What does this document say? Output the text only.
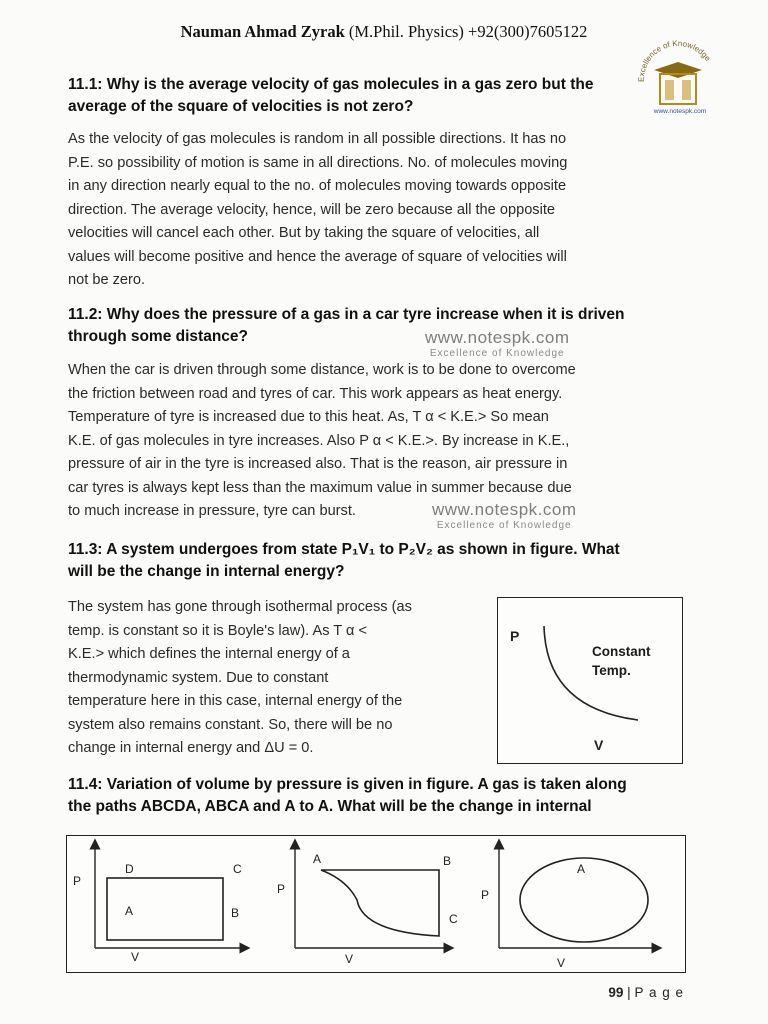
Nauman Ahmad Zyrak (M.Phil. Physics) +92(300)7605122
Excellence of Knowledge
www.notespk.com
11.1: Why is the average velocity of gas molecules in a gas zero but the
average of the square of velocities is not zero?
As the velocity of gas molecules is random in all possible directions. It has no
P.E. so possibility of motion is same in all directions. No. of molecules moving
in any direction nearly equal to the no. of molecules moving towards opposite
direction. The average velocity, hence, will be zero because all the opposite
velocities will cancel each other. But by taking the square of velocities, all
values will become positive and hence the average of square of velocities will
not be zero.
11.2: Why does the pressure of a gas in a car tyre increase when it is driven
through some distance?	www.notespk.com
Excellence of Knowledge
When the car is driven through some distance, work is to be done to overcome
the friction between road and tyres of car. This work appears as heat energy.
Temperature of tyre is increased due to this heat. As, T α < K.E.> So mean
K.E. of gas molecules in tyre increases. Also P α < K.E.>. By increase in K.E.,
pressure of air in the tyre is increased also. That is the reason, air pressure in
car tyres is always kept less than the maximum value in summer because due
to much increase in pressure, tyre can burst.	www.notespk.com
Excellence of Knowledge
11.3: A system undergoes from state P₁V₁ to P₂V₂ as shown in figure. What
will be the change in internal energy?
The system has gone through isothermal process (as
temp. is constant so it is Boyle's law). As T α <
K.E.> which defines the internal energy of a
thermodynamic system. Due to constant
temperature here in this case, internal energy of the
system also remains constant. So, there will be no
change in internal energy and ΔU = 0.
P
V
Constant
Temp.
11.4: Variation of volume by pressure is given in figure. A gas is taken along
the paths ABCDA, ABCA and A to A. What will be the change in internal
P
V
D	C
A	B
P
V
A	B
C
P
V
A
99 | P a g e
